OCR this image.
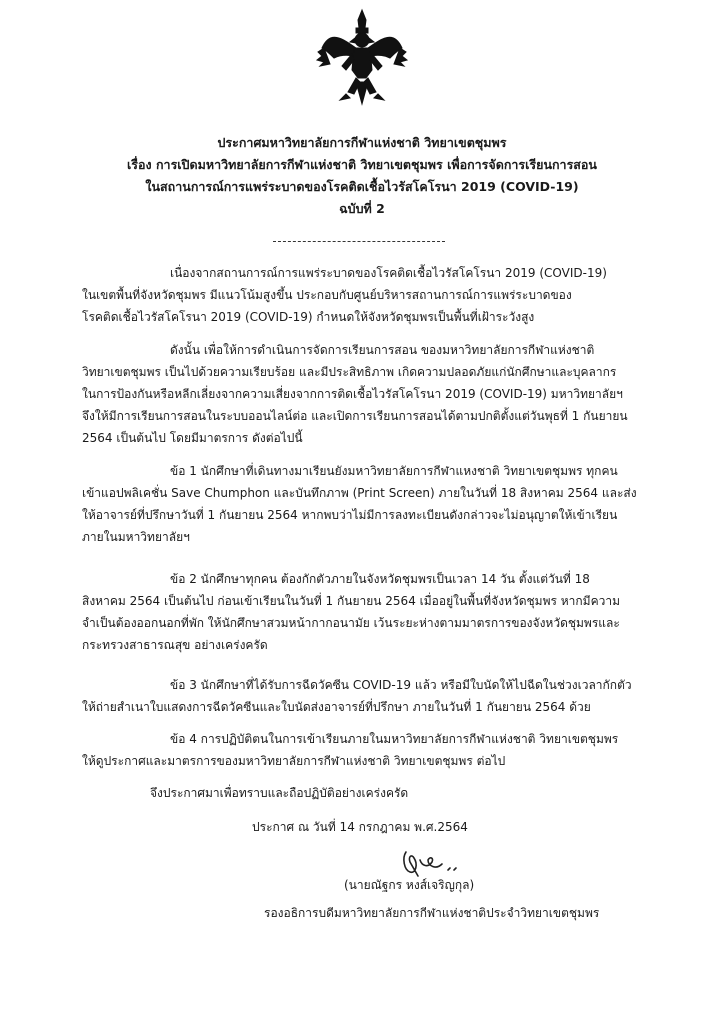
ประกาศมหาวิทยาลัยการกีฬาแห่งชาติ วิทยาเขตชุมพร
เรื่อง การเปิดมหาวิทยาลัยการกีฬาแห่งชาติ วิทยาเขตชุมพร เพื่อการจัดการเรียนการสอน
ในสถานการณ์การแพร่ระบาดของโรคติดเชื้อไวรัสโคโรนา 2019 (COVID-19)
ฉบับที่ 2
เนื่องจากสถานการณ์การแพร่ระบาดของโรคติดเชื้อไวรัสโคโรนา 2019 (COVID-19)
ในเขตพื้นที่จังหวัดชุมพร มีแนวโน้มสูงขึ้น ประกอบกับศูนย์บริหารสถานการณ์การแพร่ระบาดของ
โรคติดเชื้อไวรัสโคโรนา 2019 (COVID-19) กำหนดให้จังหวัดชุมพรเป็นพื้นที่เฝ้าระวังสูง
ดังนั้น เพื่อให้การดำเนินการจัดการเรียนการสอน ของมหาวิทยาลัยการกีฬาแห่งชาติ
วิทยาเขตชุมพร เป็นไปด้วยความเรียบร้อย และมีประสิทธิภาพ เกิดความปลอดภัยแก่นักศึกษาและบุคลากร
ในการป้องกันหรือหลีกเลี่ยงจากความเสี่ยงจากการติดเชื้อไวรัสโคโรนา 2019 (COVID-19) มหาวิทยาลัยฯ
จึงให้มีการเรียนการสอนในระบบออนไลน์ต่อ และเปิดการเรียนการสอนได้ตามปกติตั้งแต่วันพุธที่ 1 กันยายน
2564 เป็นต้นไป โดยมีมาตรการ ดังต่อไปนี้
ข้อ 1 นักศึกษาที่เดินทางมาเรียนยังมหาวิทยาลัยการกีฬาแหงชาติ วิทยาเขตชุมพร ทุกคน
เข้าแอปพลิเคชั่น Save Chumphon และบันทึกภาพ (Print Screen) ภายในวันที่ 18 สิงหาคม 2564 และส่ง
ให้อาจารย์ที่ปรึกษาวันที่ 1 กันยายน 2564 หากพบว่าไม่มีการลงทะเบียนดังกล่าวจะไม่อนุญาตให้เข้าเรียน
ภายในมหาวิทยาลัยฯ
ข้อ 2 นักศึกษาทุกคน ต้องกักตัวภายในจังหวัดชุมพรเป็นเวลา 14 วัน ตั้งแต่วันที่ 18
สิงหาคม 2564 เป็นต้นไป ก่อนเข้าเรียนในวันที่ 1 กันยายน 2564 เมื่ออยู่ในพื้นที่จังหวัดชุมพร หากมีความ
จำเป็นต้องออกนอกที่พัก ให้นักศึกษาสวมหน้ากากอนามัย เว้นระยะห่างตามมาตรการของจังหวัดชุมพรและ
กระทรวงสาธารณสุข อย่างเคร่งครัด
ข้อ 3 นักศึกษาที่ได้รับการฉีดวัคซีน COVID-19 แล้ว หรือมีใบนัดให้ไปฉีดในช่วงเวลากักตัว
ให้ถ่ายสำเนาใบแสดงการฉีดวัคซีนและใบนัดส่งอาจารย์ที่ปรึกษา ภายในวันที่ 1 กันยายน 2564 ด้วย
ข้อ 4 การปฏิบัติตนในการเข้าเรียนภายในมหาวิทยาลัยการกีฬาแห่งชาติ วิทยาเขตชุมพร
ให้ดูประกาศและมาตรการของมหาวิทยาลัยการกีฬาแห่งชาติ วิทยาเขตชุมพร ต่อไป
จึงประกาศมาเพื่อทราบและถือปฏิบัติอย่างเคร่งครัด
ประกาศ ณ วันที่ 14 กรกฎาคม พ.ศ.2564
(นายณัฐกร หงส์เจริญกุล)
รองอธิการบดีมหาวิทยาลัยการกีฬาแห่งชาติประจำวิทยาเขตชุมพร
